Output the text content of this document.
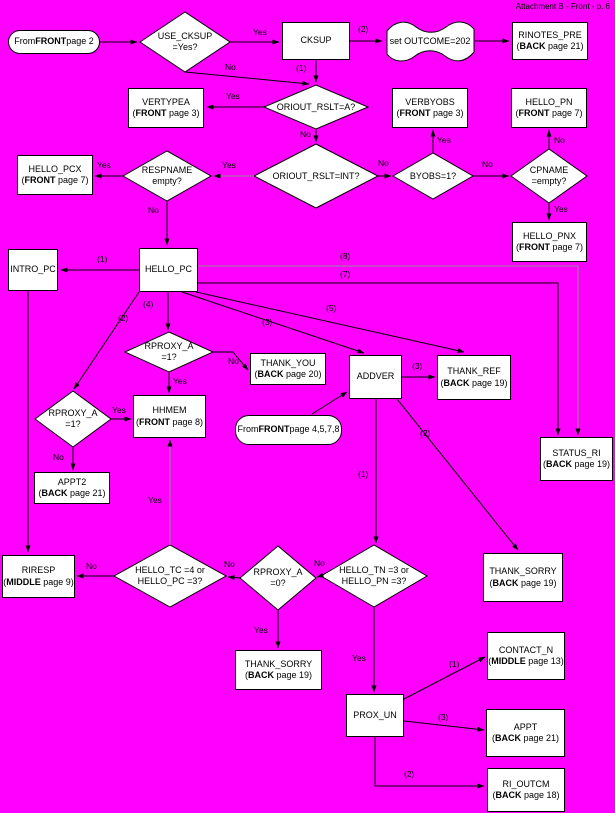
Attachment B - Front - p. 6
From FRONT page 2
From FRONT page 4,5,7,8
set OUTCOME=202
CKSUP
RINOTES_PRE
(BACK page 21)
VERTYPEA
(FRONT page 3)
VERBYOBS
(FRONT page 3)
HELLO_PN
(FRONT page 7)
HELLO_PCX
(FRONT page 7)
HELLO_PNX
(FRONT page 7)
INTRO_PC	HELLO_PC
THANK_YOU
(BACK page 20)	ADDVER
THANK_REF
(BACK page 19)
HHMEM
(FRONT page 8)
STATUS_RI
(BACK page 19)
APPT2
(BACK page 21)
RIRESP
(MIDDLE page 9)
THANK_SORRY
(BACK page 19)
THANK_SORRY
(BACK page 19)
CONTACT_N
(MIDDLE page 13)
PROX_UN
APPT
(BACK page 21)
RI_OUTCM
(BACK page 18)
USE_CKSUP
=Yes?
ORIOUT_RSLT=A?
RESPNAME
empty?
ORIOUT_RSLT=INT?	BYOBS=1?
CPNAME
=empty?
RPROXY_A
=1?
RPROXY_A
=1?
HELLO_TC =4 or
HELLO_PC =3?
RPROXY_A
=0?
HELLO_TN =3 or
HELLO_PN =3?
Yes	(2)
(1)
No
Yes
No
Yes
Yes
No
No
Yes
No
No
Yes
(1)	(8)
(7)
(2)
(4)
(3)
(5)
No
Yes
Yes
No
(3)
(1)
(2)
Yes
No	No
Yes
No
Yes
(1)
(3)
(2)
